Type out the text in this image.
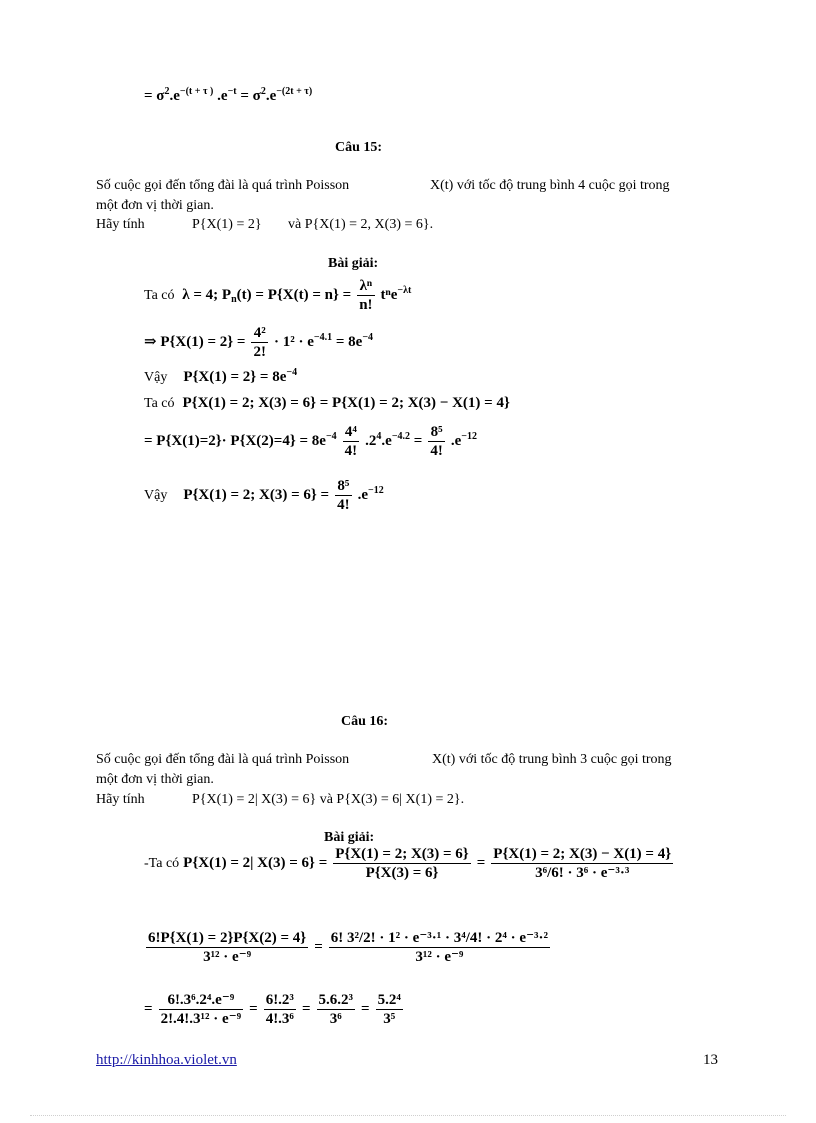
= $\sigma^2.e^{-(t + \tau )}$ $.e^{-t} = \sigma^2.e^{-(2t + \tau)}$
Câu 15:
Số cuộc gọi đến tổng đài là quá trình Poisson	X(t) với tốc độ trung bình 4 cuộc gọi trong
một đơn vị thời gian.
Hãy tính	P{X(1) = 2} và P{X(1) = 2, X(3) = 6}.
Bài giải:
Ta có λ = 4; $P_n(t) = P\{X(t) = n\} = \frac{\text{λⁿ}}{n!} t^ne^{-\lambda t}$
⇒ $P\{X(1) = 2\} = \frac{\text{4²}}{2!} \cdot 1^2 \cdot e^{-4.1} = 8e^{-4}$
Vậy $P\{X(1) = 2\} = 8e^{-4}$
Ta có P{X(1) = 2; X(3) = 6} = P{X(1) = 2; X(3) − X(1) = 4}
= $P\{X(1)=2\}\cdot P\{X(2)=4\} = 8e^{-4} \frac{\text{4⁴}}{4!} .2^4.e^{-4.2} = \frac{\text{8⁵}}{4!} .e^{-12}$
Vậy P{X(1) = 2; $X(3) = 6\} = \frac{\text{8⁵}}{4!} .e^{-12}$
Câu 16:
Số cuộc gọi đến tổng đài là quá trình Poisson	X(t) với tốc độ trung bình 3 cuộc gọi trong
một đơn vị thời gian.
Hãy tính	P{X(1) = 2| X(3) = 6} và P{X(3) = 6| X(1) = 2}.
Bài giải:
-Ta có P{X(1) = 2| $X(3) = 6\} = \frac{P\{X(1) = 2; X(3) = 6\}}{P\{X(3) = 6\}} = \frac{P\{X(1) = 2; X(3) - X(1) = 4\}}{\text{3⁶/6! · 3⁶ · e⁻³·³}}$
$\frac{6!P\{X(1) = 2\}P\{X(2) = 4\}}{\text{3¹² · e⁻⁹}} = \frac{\text{6! 3²/2! · 1² · e⁻³·¹ · 3⁴/4! · 2⁴ · e⁻³·²}}{\text{3¹² · e⁻⁹}}$
= $\frac{\text{6!.3⁶.2⁴.e⁻⁹}}{\text{2!.4!.3¹² · e⁻⁹}} = \frac{\text{6!.2³}}{\text{4!.3⁶}} = \frac{\text{5.6.2³}}{\text{3⁶}} = \frac{\text{5.2⁴}}{\text{3⁵}}$
http://kinhhoa.violet.vn	13
